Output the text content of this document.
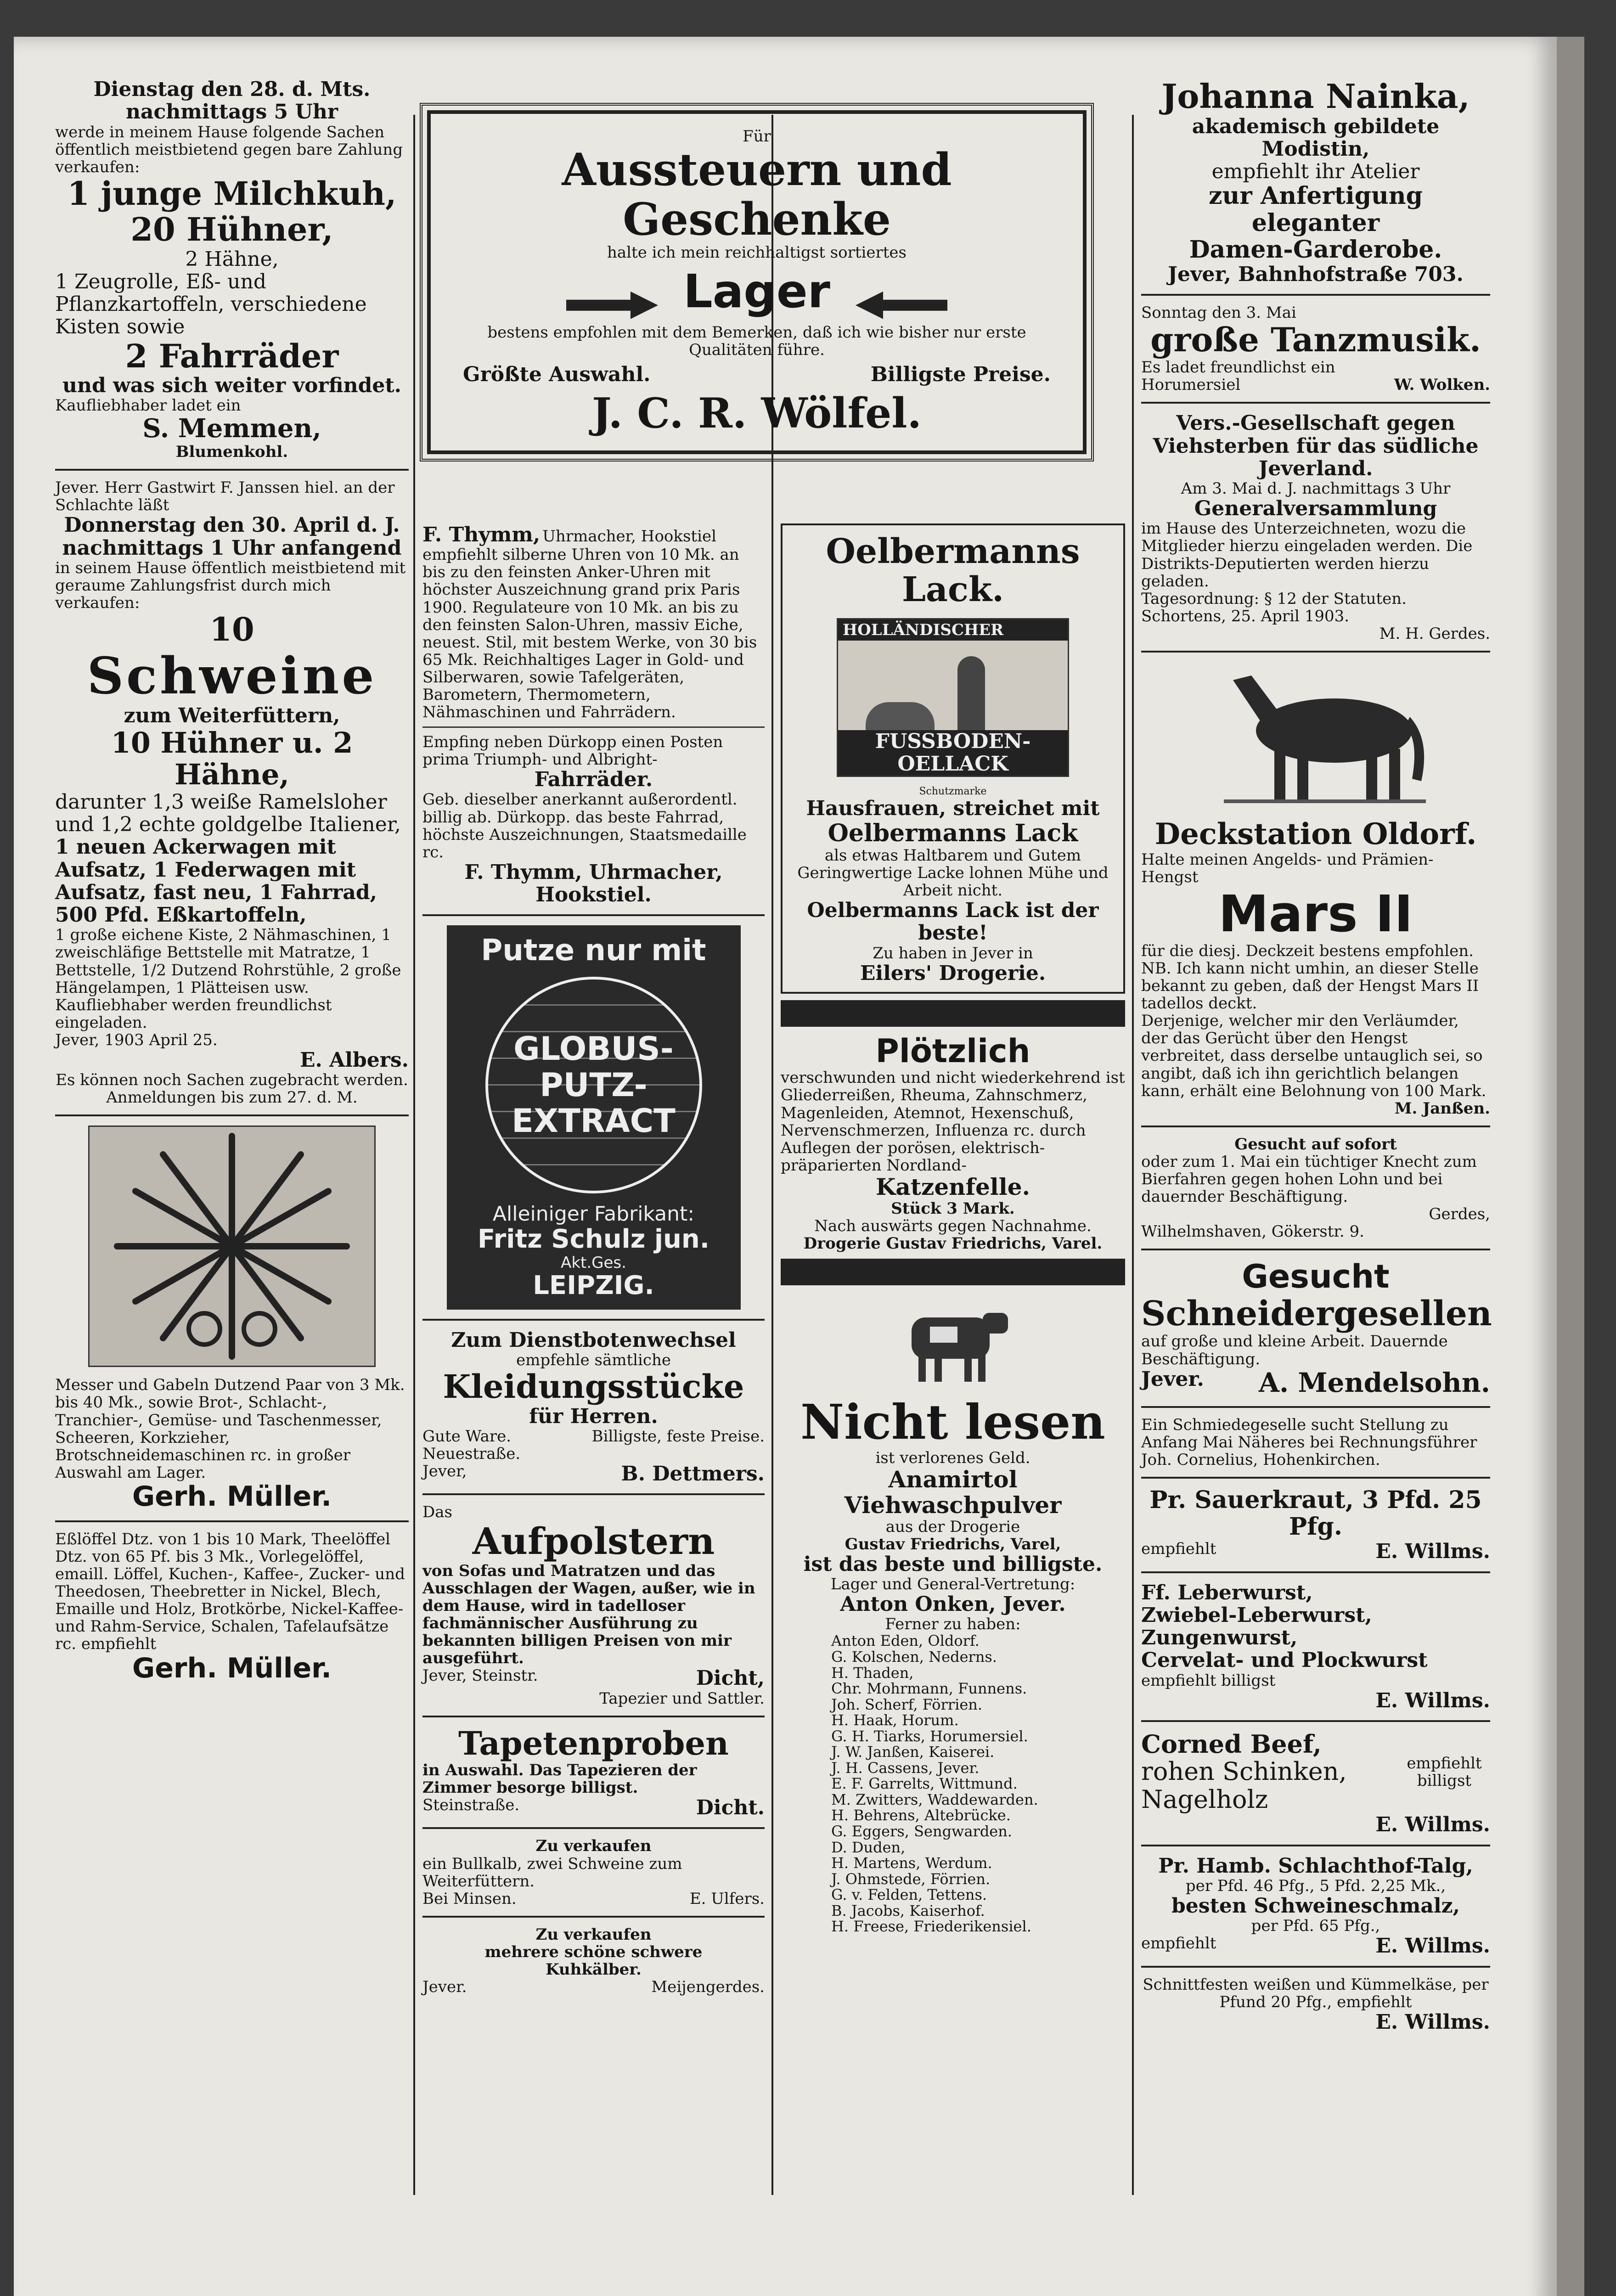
Dienstag den 28. d. Mts.
nachmittags 5 Uhr
werde in meinem Hause folgende Sachen öffentlich meistbietend gegen bare Zahlung verkaufen:
1 junge Milchkuh,
20 Hühner,
2 Hähne,
1 Zeugrolle, Eß- und Pflanzkartoffeln, verschiedene Kisten sowie
2 Fahrräder
und was sich weiter vorfindet.
Kaufliebhaber ladet ein
S. Memmen,
Blumenkohl.
Jever. Herr Gastwirt F. Janssen hiel. an der Schlachte läßt
Donnerstag den 30. April d. J.
nachmittags 1 Uhr anfangend
in seinem Hause öffentlich meistbietend mit geraume Zahlungsfrist durch mich verkaufen:
10
Schweine
zum Weiterfüttern,
10 Hühner u. 2 Hähne,
darunter 1,3 weiße Ramelsloher und 1,2 echte goldgelbe Italiener,
1 neuen Ackerwagen mit Aufsatz, 1 Federwagen mit Aufsatz, fast neu, 1 Fahrrad, 500 Pfd. Eßkartoffeln,
1 große eichene Kiste, 2 Nähmaschinen, 1 zweischläfige Bettstelle mit Matratze, 1 Bettstelle, 1/2 Dutzend Rohrstühle, 2 große Hängelampen, 1 Plätteisen usw. Kaufliebhaber werden freundlichst eingeladen.
Jever, 1903 April 25.
E. Albers.
Es können noch Sachen zugebracht werden. Anmeldungen bis zum 27. d. M.
Messer und Gabeln Dutzend Paar von 3 Mk. bis 40 Mk., sowie Brot-, Schlacht-, Tranchier-, Gemüse- und Taschenmesser, Scheeren, Korkzieher, Brotschneidemaschinen rc. in großer Auswahl am Lager.
Gerh. Müller.
Eßlöffel Dtz. von 1 bis 10 Mark, Theelöffel Dtz. von 65 Pf. bis 3 Mk., Vorlegelöffel, emaill. Löffel, Kuchen-, Kaffee-, Zucker- und Theedosen, Theebretter in Nickel, Blech, Emaille und Holz, Brotkörbe, Nickel-Kaffee- und Rahm-Service, Schalen, Tafelaufsätze rc. empfiehlt
Gerh. Müller.
Für
Aussteuern und Geschenke
halte ich mein reichhaltigst sortiertes
Lager
bestens empfohlen mit dem Bemerken, daß ich wie bisher nur erste Qualitäten führe.
Größte Auswahl.	Billigste Preise.
J. C. R. Wölfel.
F. Thymm, Uhrmacher, Hookstiel
empfiehlt silberne Uhren von 10 Mk. an bis zu den feinsten Anker-Uhren mit höchster Auszeichnung grand prix Paris 1900. Regulateure von 10 Mk. an bis zu den feinsten Salon-Uhren, massiv Eiche, neuest. Stil, mit bestem Werke, von 30 bis 65 Mk. Reichhaltiges Lager in Gold- und Silberwaren, sowie Tafelgeräten, Barometern, Thermometern, Nähmaschinen und Fahrrädern.
Empfing neben Dürkopp einen Posten prima Triumph- und Albright-
Fahrräder.
Geb. dieselber anerkannt außerordentl. billig ab. Dürkopp. das beste Fahrrad, höchste Auszeichnungen, Staatsmedaille rc.
F. Thymm, Uhrmacher, Hookstiel.
Putze nur mit
GLOBUS-
PUTZ-
EXTRACT
Alleiniger Fabrikant:
Fritz Schulz jun. Akt.Ges.
LEIPZIG.
Zum Dienstbotenwechsel
empfehle sämtliche
Kleidungsstücke
für Herren.
Gute Ware.	Billigste, feste Preise.
Neuestraße.
Jever,	B. Dettmers.
Das
Aufpolstern
von Sofas und Matratzen und das Ausschlagen der Wagen, außer, wie in dem Hause, wird in tadelloser fachmännischer Ausführung zu bekannten billigen Preisen von mir ausgeführt.
Jever, Steinstr.	Dicht,
Tapezier und Sattler.
Tapetenproben
in Auswahl. Das Tapezieren der Zimmer besorge billigst.
Steinstraße.	Dicht.
Zu verkaufen
ein Bullkalb, zwei Schweine zum Weiterfüttern.
Bei Minsen.	E. Ulfers.
Zu verkaufen
mehrere schöne schwere
Kuhkälber.
Jever.	Meijengerdes.
Oelbermanns Lack.
HOLLÄNDISCHER
FUSSBODEN-OELLACK
Schutzmarke
Hausfrauen, streichet mit
Oelbermanns Lack
als etwas Haltbarem und Gutem Geringwertige Lacke lohnen Mühe und Arbeit nicht.
Oelbermanns Lack ist der beste!
Zu haben in Jever in
Eilers' Drogerie.
Plötzlich
verschwunden und nicht wiederkehrend ist Gliederreißen, Rheuma, Zahnschmerz, Magenleiden, Atemnot, Hexenschuß, Nervenschmerzen, Influenza rc. durch Auflegen der porösen, elektrisch-präparierten Nordland-
Katzenfelle.
Stück 3 Mark.
Nach auswärts gegen Nachnahme.
Drogerie Gustav Friedrichs, Varel.
Nicht lesen
ist verlorenes Geld.
Anamirtol Viehwaschpulver
aus der Drogerie
Gustav Friedrichs, Varel,
ist das beste und billigste.
Lager und General-Vertretung:
Anton Onken, Jever.
Ferner zu haben:
Anton Eden, Oldorf.
G. Kolschen, Nederns.
H. Thaden,
Chr. Mohrmann, Funnens.
Joh. Scherf, Förrien.
H. Haak, Horum.
G. H. Tiarks, Horumersiel.
J. W. Janßen, Kaiserei.
J. H. Cassens, Jever.
E. F. Garrelts, Wittmund.
M. Zwitters, Waddewarden.
H. Behrens, Altebrücke.
G. Eggers, Sengwarden.
D. Duden,
H. Martens, Werdum.
J. Ohmstede, Förrien.
G. v. Felden, Tettens.
B. Jacobs, Kaiserhof.
H. Freese, Friederikensiel.
Johanna Nainka,
akademisch gebildete Modistin,
empfiehlt ihr Atelier
zur Anfertigung eleganter
Damen-Garderobe.
Jever, Bahnhofstraße 703.
Sonntag den 3. Mai
große Tanzmusik.
Es ladet freundlichst ein
Horumersiel	W. Wolken.
Vers.-Gesellschaft gegen Viehsterben für das südliche Jeverland.
Am 3. Mai d. J. nachmittags 3 Uhr
Generalversammlung
im Hause des Unterzeichneten, wozu die Mitglieder hierzu eingeladen werden. Die Distrikts-Deputierten werden hierzu geladen.
Tagesordnung: § 12 der Statuten.
Schortens, 25. April 1903.
M. H. Gerdes.
Deckstation Oldorf.
Halte meinen Angelds- und Prämien-Hengst
Mars II
für die diesj. Deckzeit bestens empfohlen. NB. Ich kann nicht umhin, an dieser Stelle bekannt zu geben, daß der Hengst Mars II tadellos deckt.
Derjenige, welcher mir den Verläumder, der das Gerücht über den Hengst verbreitet, dass derselbe untauglich sei, so angibt, daß ich ihn gerichtlich belangen kann, erhält eine Belohnung von 100 Mark.
M. Janßen.
Gesucht auf sofort
oder zum 1. Mai ein tüchtiger Knecht zum Bierfahren gegen hohen Lohn und bei dauernder Beschäftigung.
Gerdes,
Wilhelmshaven, Gökerstr. 9.
Gesucht
Schneidergesellen
auf große und kleine Arbeit. Dauernde Beschäftigung.
Jever. A. Mendelsohn.
Ein Schmiedegeselle sucht Stellung zu Anfang Mai Näheres bei Rechnungsführer Joh. Cornelius, Hohenkirchen.
Pr. Sauerkraut, 3 Pfd. 25 Pfg.
empfiehlt	E. Willms.
Ff. Leberwurst,
Zwiebel-Leberwurst,
Zungenwurst,
Cervelat- und Plockwurst
empfiehlt billigst
E. Willms.
Corned Beef,
rohen Schinken,
Nagelholz
empfiehlt billigst
E. Willms.
Pr. Hamb. Schlachthof-Talg,
per Pfd. 46 Pfg., 5 Pfd. 2,25 Mk.,
besten Schweineschmalz,
per Pfd. 65 Pfg.,
empfiehlt	E. Willms.
Schnittfesten weißen und Kümmelkäse, per Pfund 20 Pfg., empfiehlt
E. Willms.
